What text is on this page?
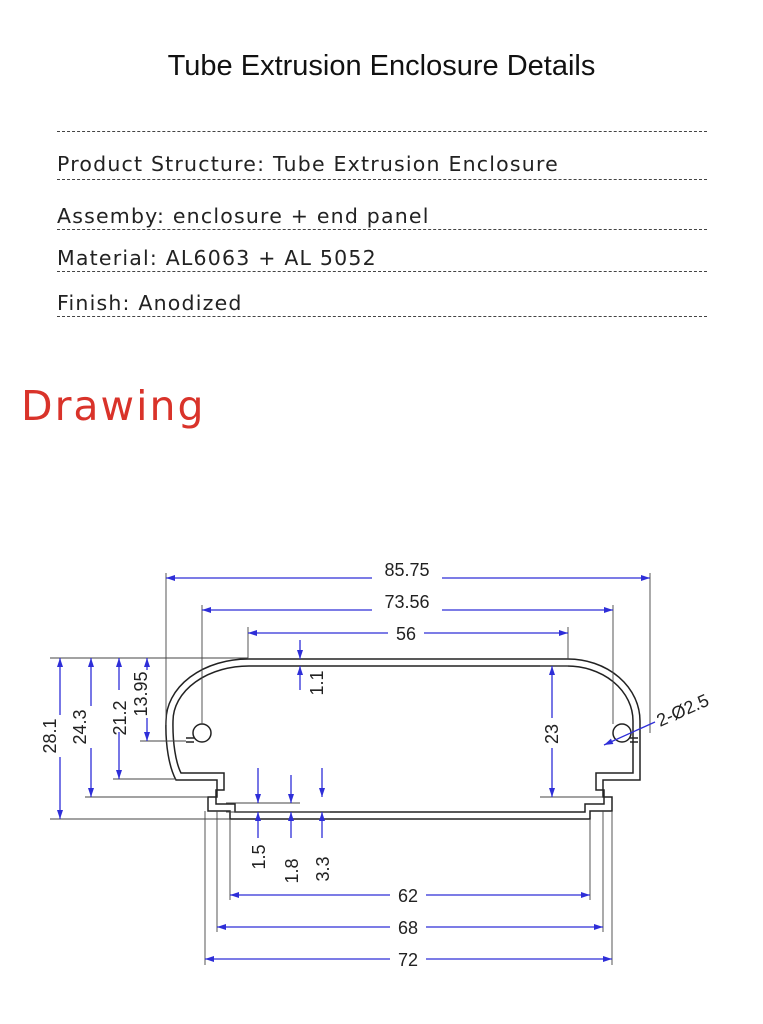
Tube Extrusion Enclosure Details
Product Structure: Tube Extrusion Enclosure
Assemby: enclosure + end panel
Material: AL6063 + AL 5052
Finish: Anodized
Drawing
85.75
73.56
56
1.1
28.1 24.3 21.2
13.95
23
2-Ø2.5
1.5
1.8 3.3
62
68
72
